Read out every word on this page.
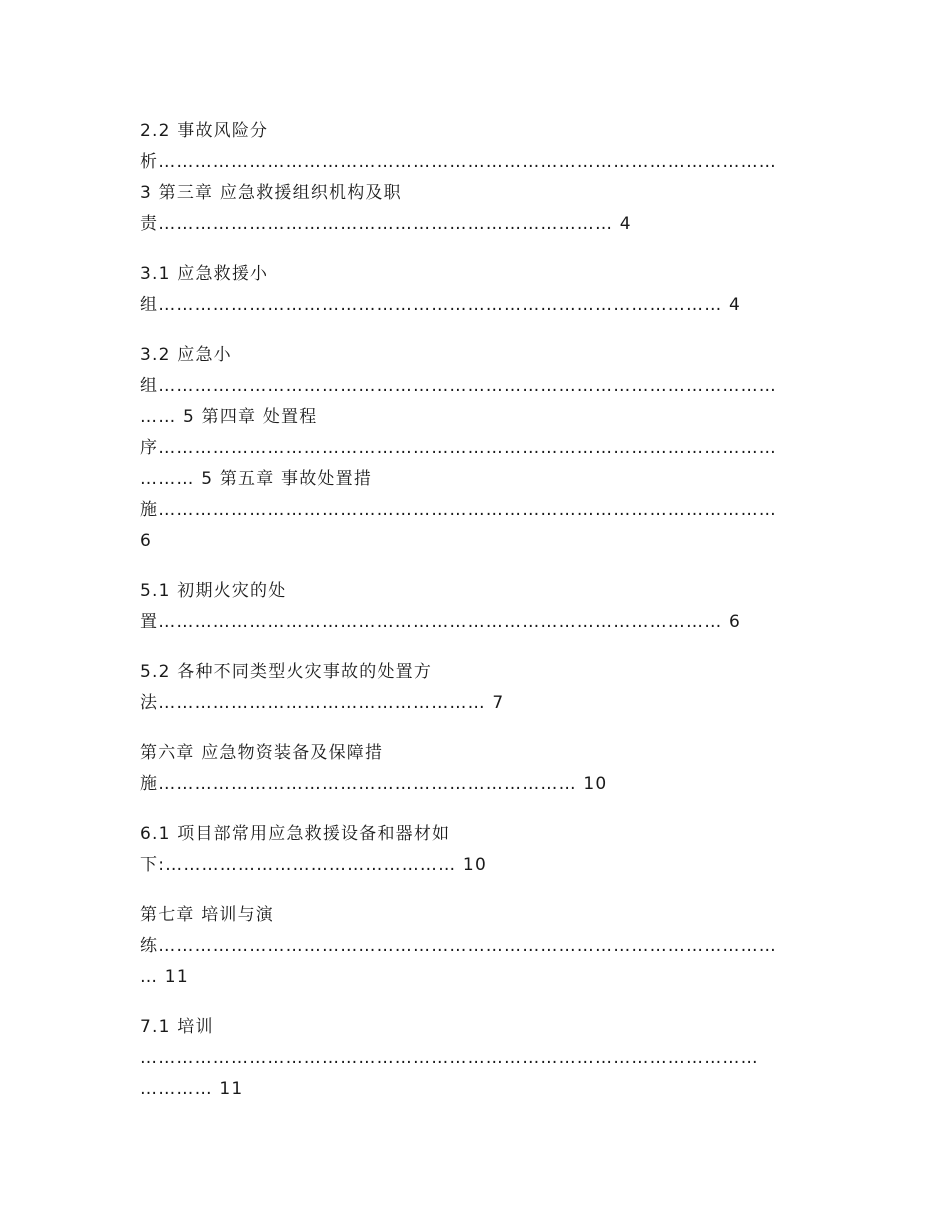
2.2 事故风险分
析…………………………………………………………………………………………
3 第三章 应急救援组织机构及职
责………………………………………………………………… 4
3.1 应急救援小
组………………………………………………………………………………… 4
3.2 应急小
组…………………………………………………………………………………………
…… 5 第四章 处置程
序…………………………………………………………………………………………
……… 5 第五章 事故处置措
施…………………………………………………………………………………………
6
5.1 初期火灾的处
置………………………………………………………………………………… 6
5.2 各种不同类型火灾事故的处置方
法……………………………………………… 7
第六章 应急物资装备及保障措
施…………………………………………………………… 10
6.1 项目部常用应急救援设备和器材如
下:………………………………………… 10
第七章 培训与演
练…………………………………………………………………………………………
… 11
7.1 培训
…………………………………………………………………………………………
………… 11
